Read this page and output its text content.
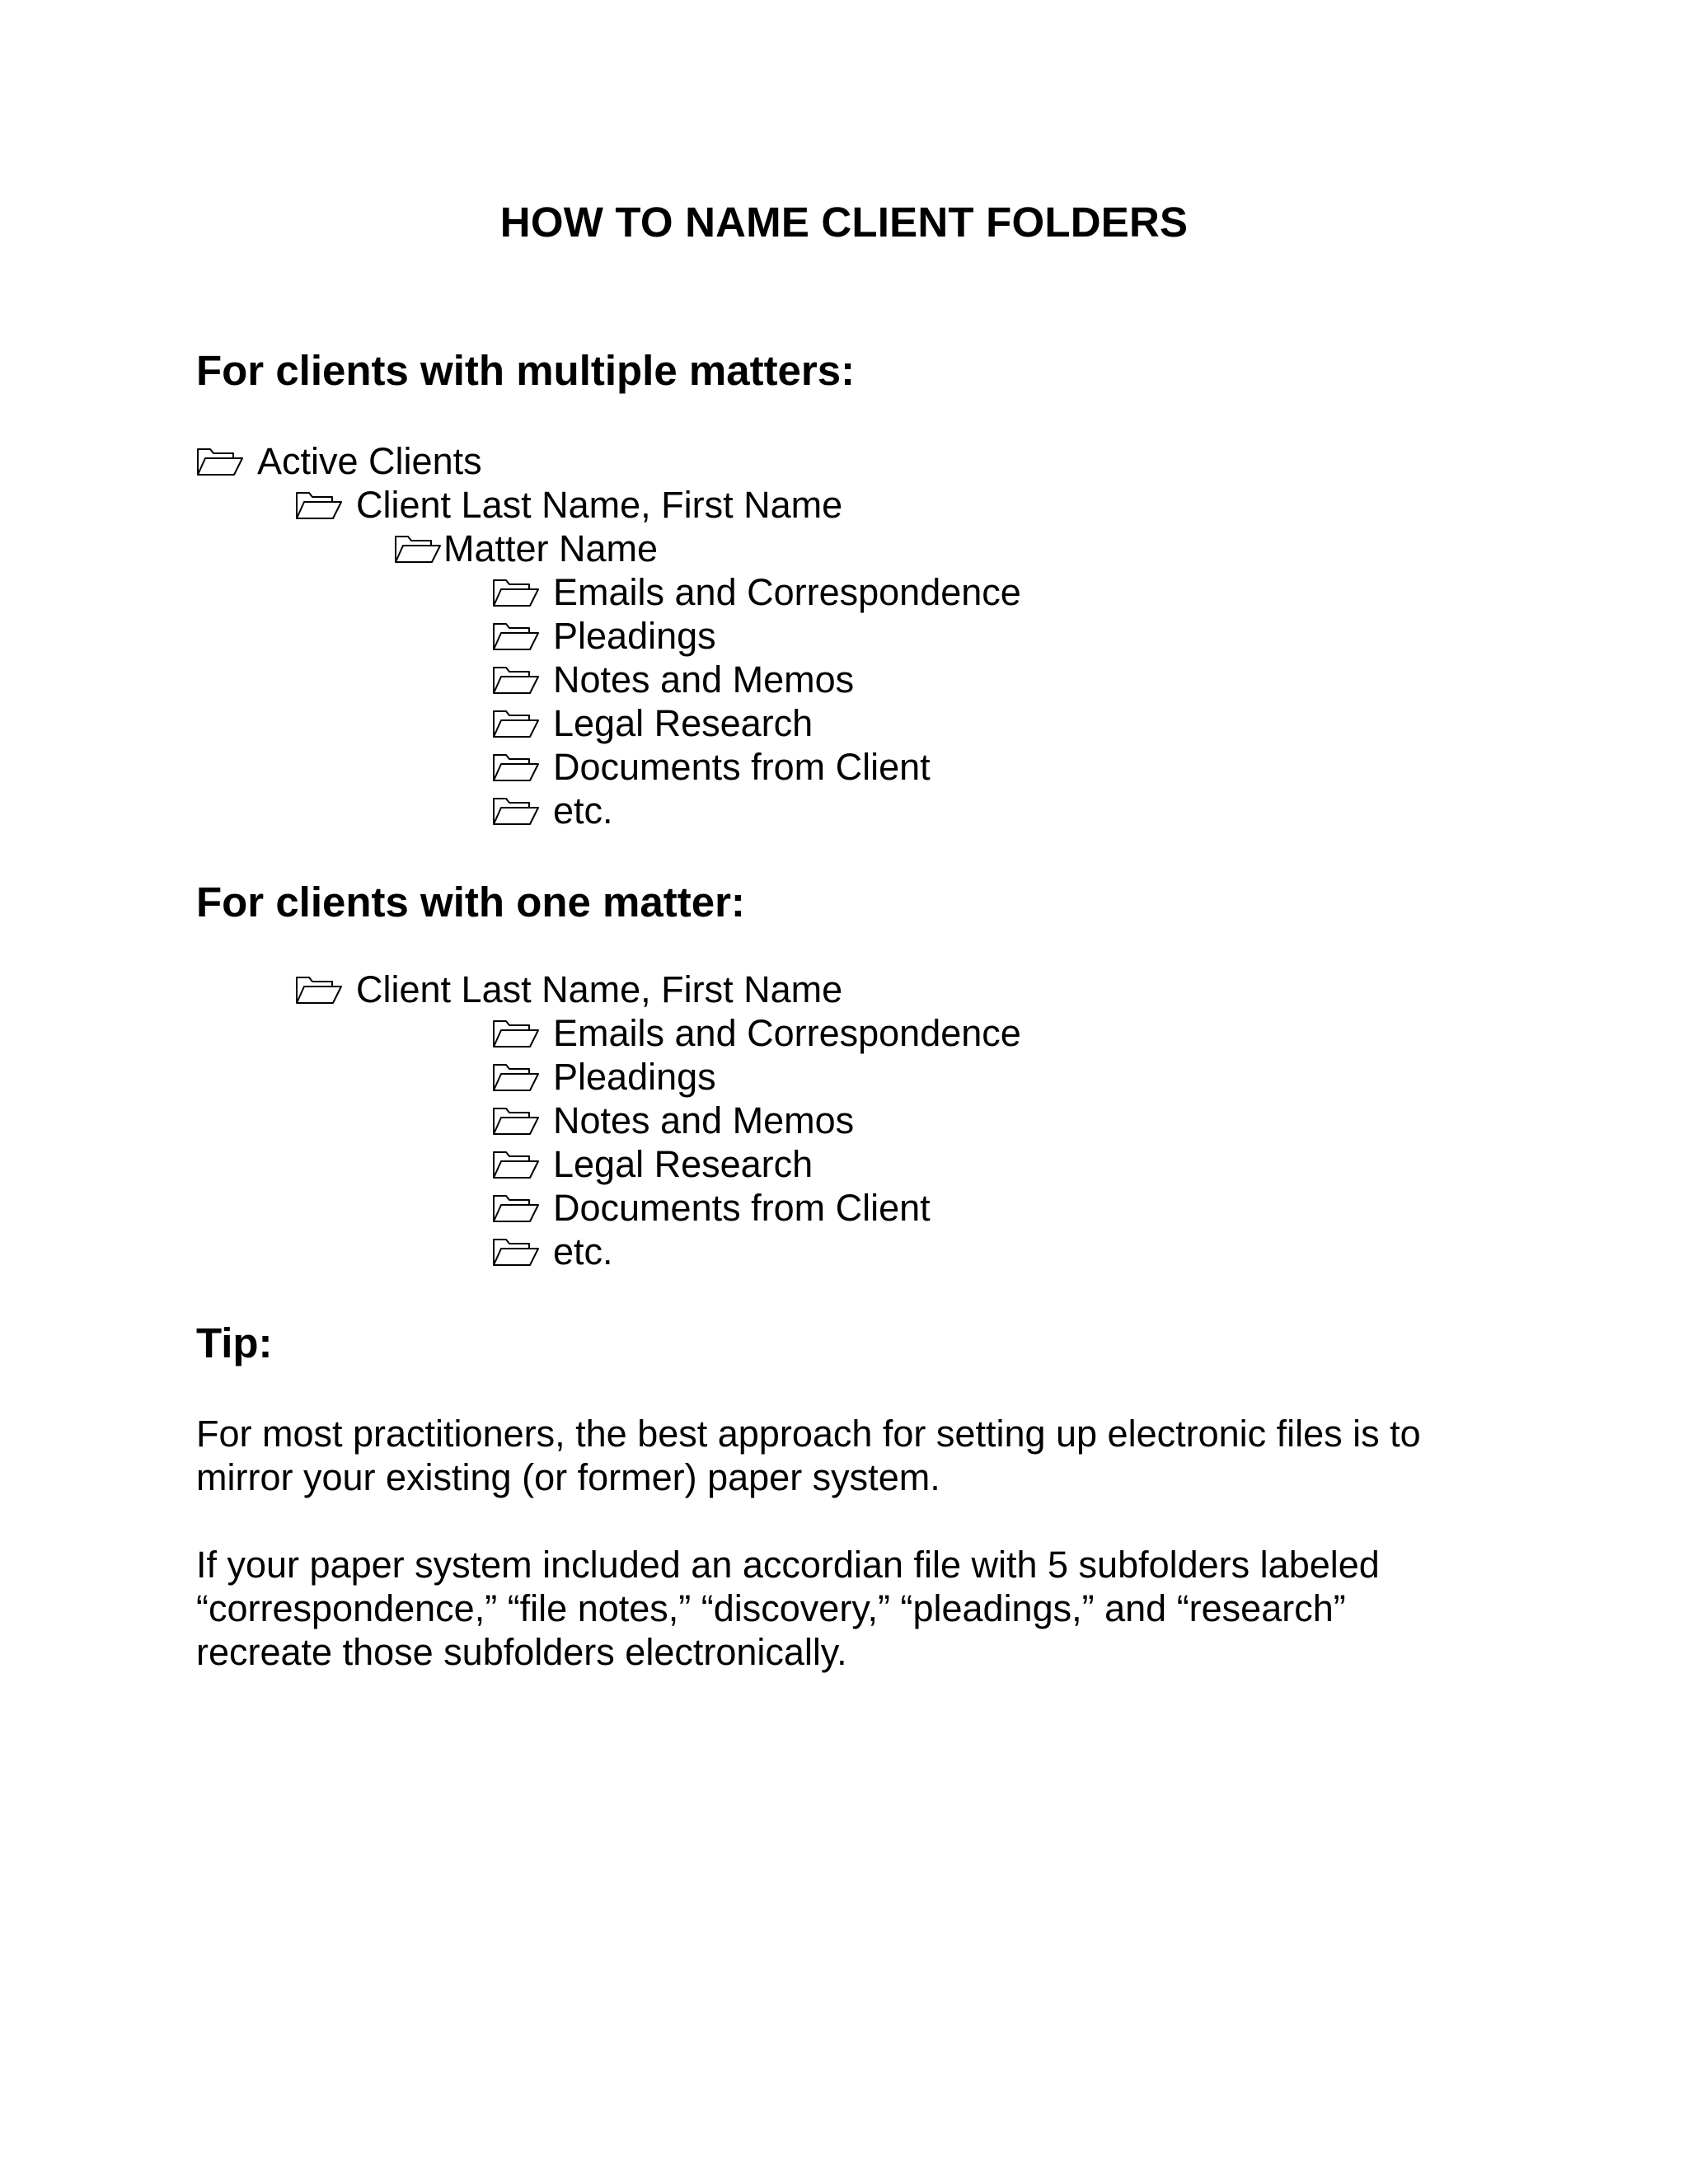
HOW TO NAME CLIENT FOLDERS
For clients with multiple matters:
Active Clients
Client Last Name, First Name
Matter Name
Emails and Correspondence
Pleadings
Notes and Memos
Legal Research
Documents from Client
etc.
For clients with one matter:
Client Last Name, First Name
Emails and Correspondence
Pleadings
Notes and Memos
Legal Research
Documents from Client
etc.
Tip:
For most practitioners, the best approach for setting up electronic files is to
mirror your existing (or former) paper system.
If your paper system included an accordian file with 5 subfolders labeled
“correspondence,” “file notes,” “discovery,” “pleadings,” and “research”
recreate those subfolders electronically.
